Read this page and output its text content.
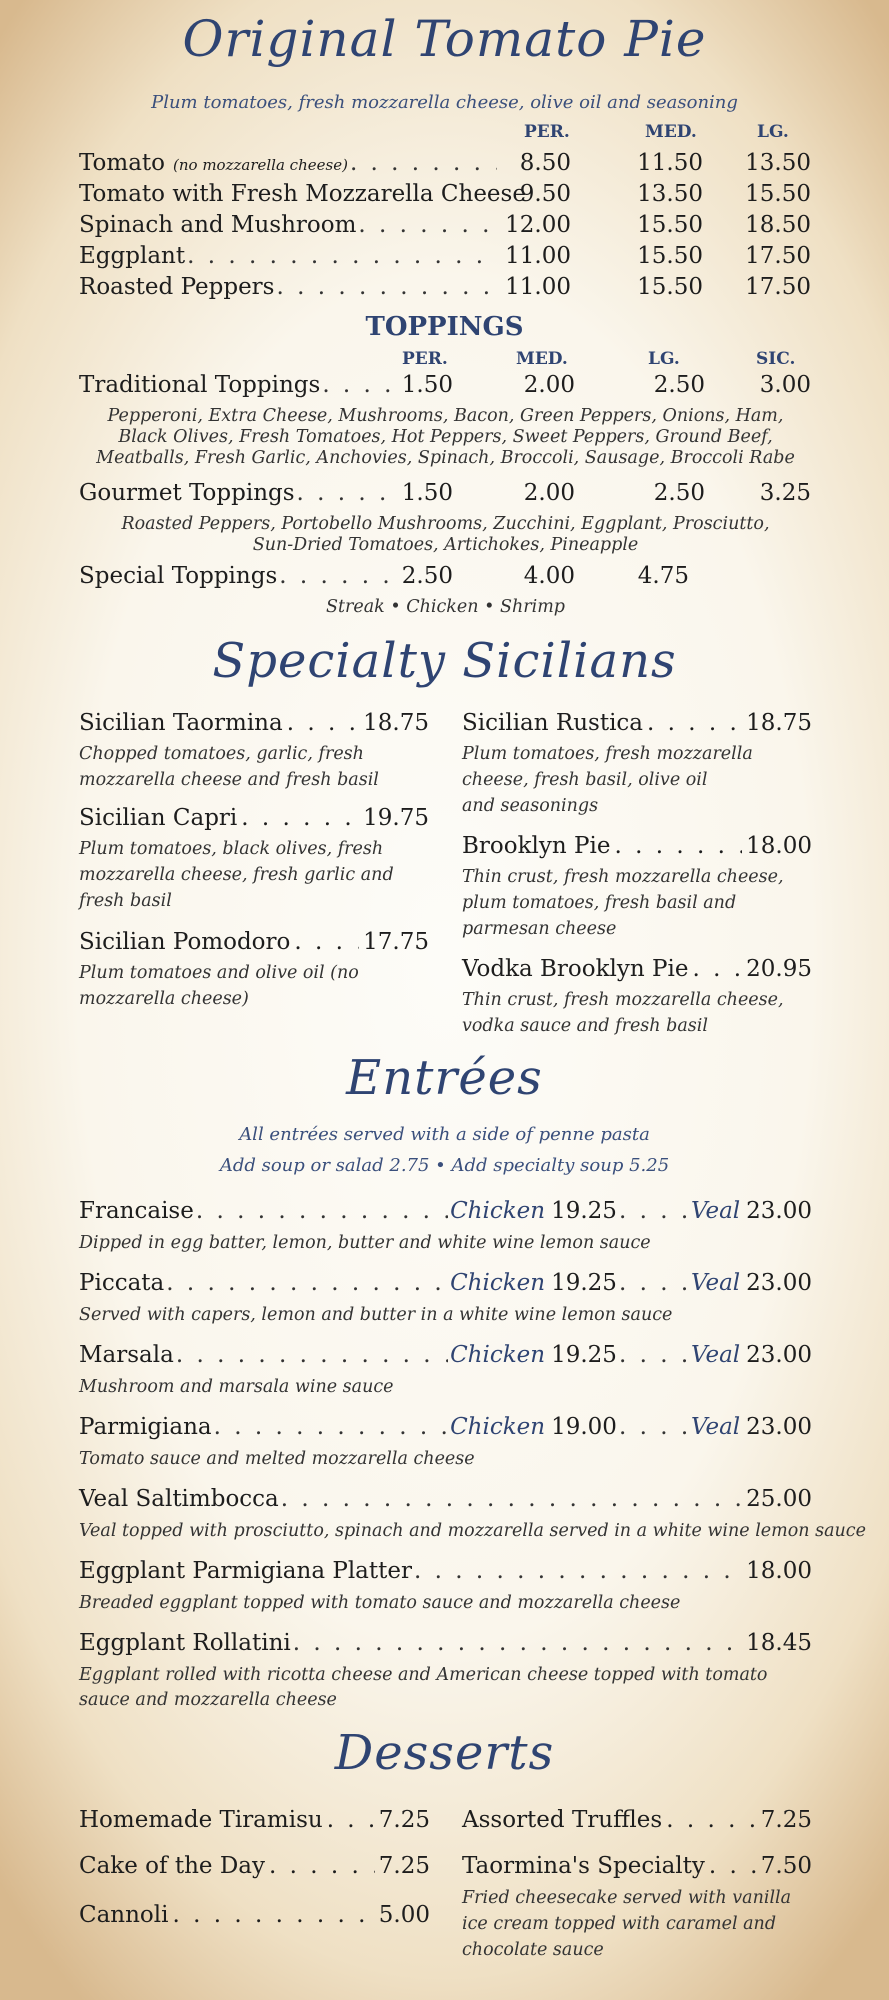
Original Tomato Pie
Plum tomatoes, fresh mozzarella cheese, olive oil and seasoning
PER.	MED.	LG.
Tomato (no mozzarella cheese) . . .	8.50	11.50 13.50
Tomato with Fresh Mozzarella Cheese
9.50	13.50 15.50
Spinach and Mushroom . . .	12.00	15.50 18.50
Eggplant . . .	11.00	15.50 17.50
Roasted Peppers . . .	11.00	15.50 17.50
TOPPINGS
PER.	MED.	LG.	SIC.
Traditional Toppings . . .	1.50	2.00	2.50 3.00
Pepperoni, Extra Cheese, Mushrooms, Bacon, Green Peppers, Onions, Ham,
Black Olives, Fresh Tomatoes, Hot Peppers, Sweet Peppers, Ground Beef,
Meatballs, Fresh Garlic, Anchovies, Spinach, Broccoli, Sausage, Broccoli Rabe
Gourmet Toppings . . .	1.50	2.00	2.50 3.25
Roasted Peppers, Portobello Mushrooms, Zucchini, Eggplant, Prosciutto,
Sun-Dried Tomatoes, Artichokes, Pineapple
Special Toppings . . .	2.50	4.00	4.75
Streak • Chicken • Shrimp
Specialty Sicilians
Sicilian Taormina . . .	18.75
Chopped tomatoes, garlic, fresh
mozzarella cheese and fresh basil
Sicilian Capri . . .	19.75
Plum tomatoes, black olives, fresh
mozzarella cheese, fresh garlic and
fresh basil
Sicilian Pomodoro . . .	17.75
Plum tomatoes and olive oil (no
mozzarella cheese)
Sicilian Rustica . . .	18.75
Plum tomatoes, fresh mozzarella
cheese, fresh basil, olive oil
and seasonings
Brooklyn Pie . . .	18.00
Thin crust, fresh mozzarella cheese,
plum tomatoes, fresh basil and
parmesan cheese
Vodka Brooklyn Pie . . .	20.95
Thin crust, fresh mozzarella cheese,
vodka sauce and fresh basil
Entrées
All entrées served with a side of penne pasta
Add soup or salad 2.75 • Add specialty soup 5.25
Francaise . . .	Chicken 19.25 . . .	Veal 23.00
Dipped in egg batter, lemon, butter and white wine lemon sauce
Piccata . . .	Chicken 19.25 . . .	Veal 23.00
Served with capers, lemon and butter in a white wine lemon sauce
Marsala . . .	Chicken 19.25 . . .	Veal 23.00
Mushroom and marsala wine sauce
Parmigiana . . .	Chicken 19.00 . . .	Veal 23.00
Tomato sauce and melted mozzarella cheese
Veal Saltimbocca . . .	25.00
Veal topped with prosciutto, spinach and mozzarella served in a white wine lemon sauce
Eggplant Parmigiana Platter . . .	18.00
Breaded eggplant topped with tomato sauce and mozzarella cheese
Eggplant Rollatini . . .	18.45
Eggplant rolled with ricotta cheese and American cheese topped with tomato
sauce and mozzarella cheese
Desserts
Homemade Tiramisu . . . 7.25
Cake of the Day . . .	7.25
Cannoli . . .	5.00
Assorted Truffles . . .	7.25
Taormina's Specialty . . . 7.50
Fried cheesecake served with vanilla
ice cream topped with caramel and
chocolate sauce
